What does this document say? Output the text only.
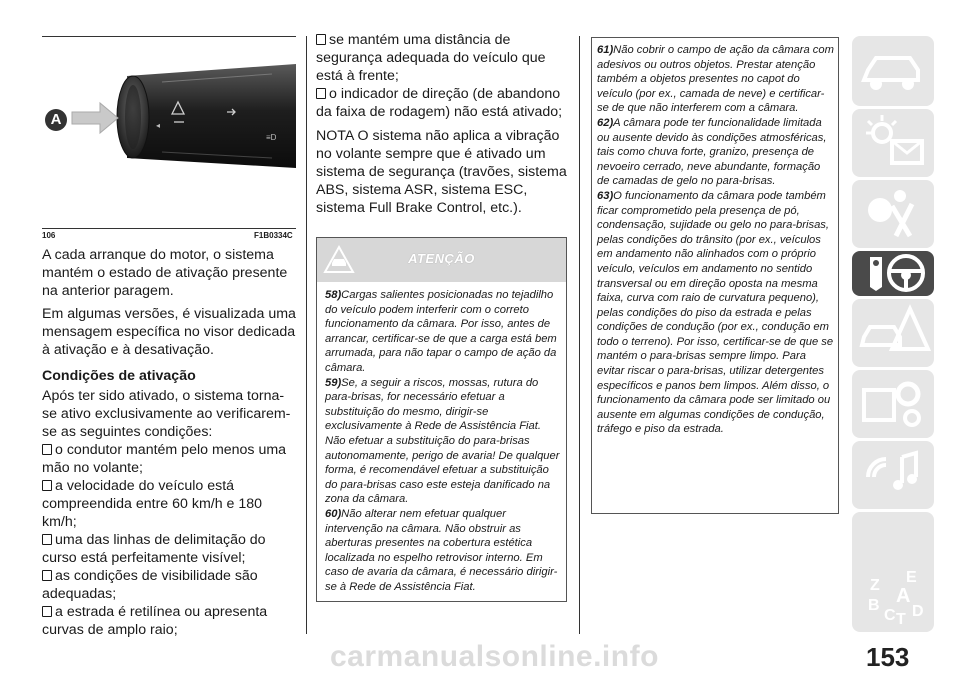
◂
≡D
A
106	F1B0334C

A cada arranque do motor, o sistema mantém o estado de ativação presente na anterior paragem.

Em algumas versões, é visualizada uma mensagem específica no visor dedicada à ativação e à desativação.

Condições de ativação

Após ter sido ativado, o sistema torna-se ativo exclusivamente ao verificarem-se as seguintes condições:

o condutor mantém pelo menos uma mão no volante;

a velocidade do veículo está compreendida entre 60 km/h e 180 km/h;

uma das linhas de delimitação do curso está perfeitamente visível;

as condições de visibilidade são adequadas;

a estrada é retilínea ou apresenta curvas de amplo raio;

se mantém uma distância de segurança adequada do veículo que está à frente;

o indicador de direção (de abandono da faixa de rodagem) não está ativado;

NOTA O sistema não aplica a vibração no volante sempre que é ativado um sistema de segurança (travões, sistema ABS, sistema ASR, sistema ESC, sistema Full Brake Control, etc.).

ATENÇÃO

58)Cargas salientes posicionadas no tejadilho do veículo podem interferir com o correto funcionamento da câmara. Por isso, antes de arrancar, certificar-se de que a carga está bem arrumada, para não tapar o campo de ação da câmara.

59)Se, a seguir a riscos, mossas, rutura do para-brisas, for necessário efetuar a substituição do mesmo, dirigir-se exclusivamente à Rede de Assistência Fiat. Não efetuar a substituição do para-brisas autonomamente, perigo de avaria! De qualquer forma, é recomendável efetuar a substituição do para-brisas caso este esteja danificado na zona da câmara.

60)Não alterar nem efetuar qualquer intervenção na câmara. Não obstruir as aberturas presentes na cobertura estética localizada no espelho retrovisor interno. Em caso de avaria da câmara, é necessário dirigir-se à Rede de Assistência Fiat.

61)Não cobrir o campo de ação da câmara com adesivos ou outros objetos. Prestar atenção também a objetos presentes no capot do veículo (por ex., camada de neve) e certificar-se de que não interferem com a câmara.

62)A câmara pode ter funcionalidade limitada ou ausente devido às condições atmosféricas, tais como chuva forte, granizo, presença de nevoeiro cerrado, neve abundante, formação de camadas de gelo no para-brisas.

63)O funcionamento da câmara pode também ficar comprometido pela presença de pó, condensação, sujidade ou gelo no para-brisas, pelas condições do trânsito (por ex., veículos em andamento não alinhados com o próprio veículo, veículos em andamento no sentido transversal ou em direção oposta na mesma faixa, curva com raio de curvatura pequeno), pelas condições do piso da estrada e pelas condições de condução (por ex., condução em todo o terreno). Por isso, certificar-se de que se mantém o para-brisas sempre limpo. Para evitar riscar o para-brisas, utilizar detergentes específicos e panos bem limpos. Além disso, o funcionamento da câmara pode ser limitado ou ausente em algumas condições de condução, tráfego e piso da estrada.

Z E
B A
C T D
153
carmanualsonline.info
